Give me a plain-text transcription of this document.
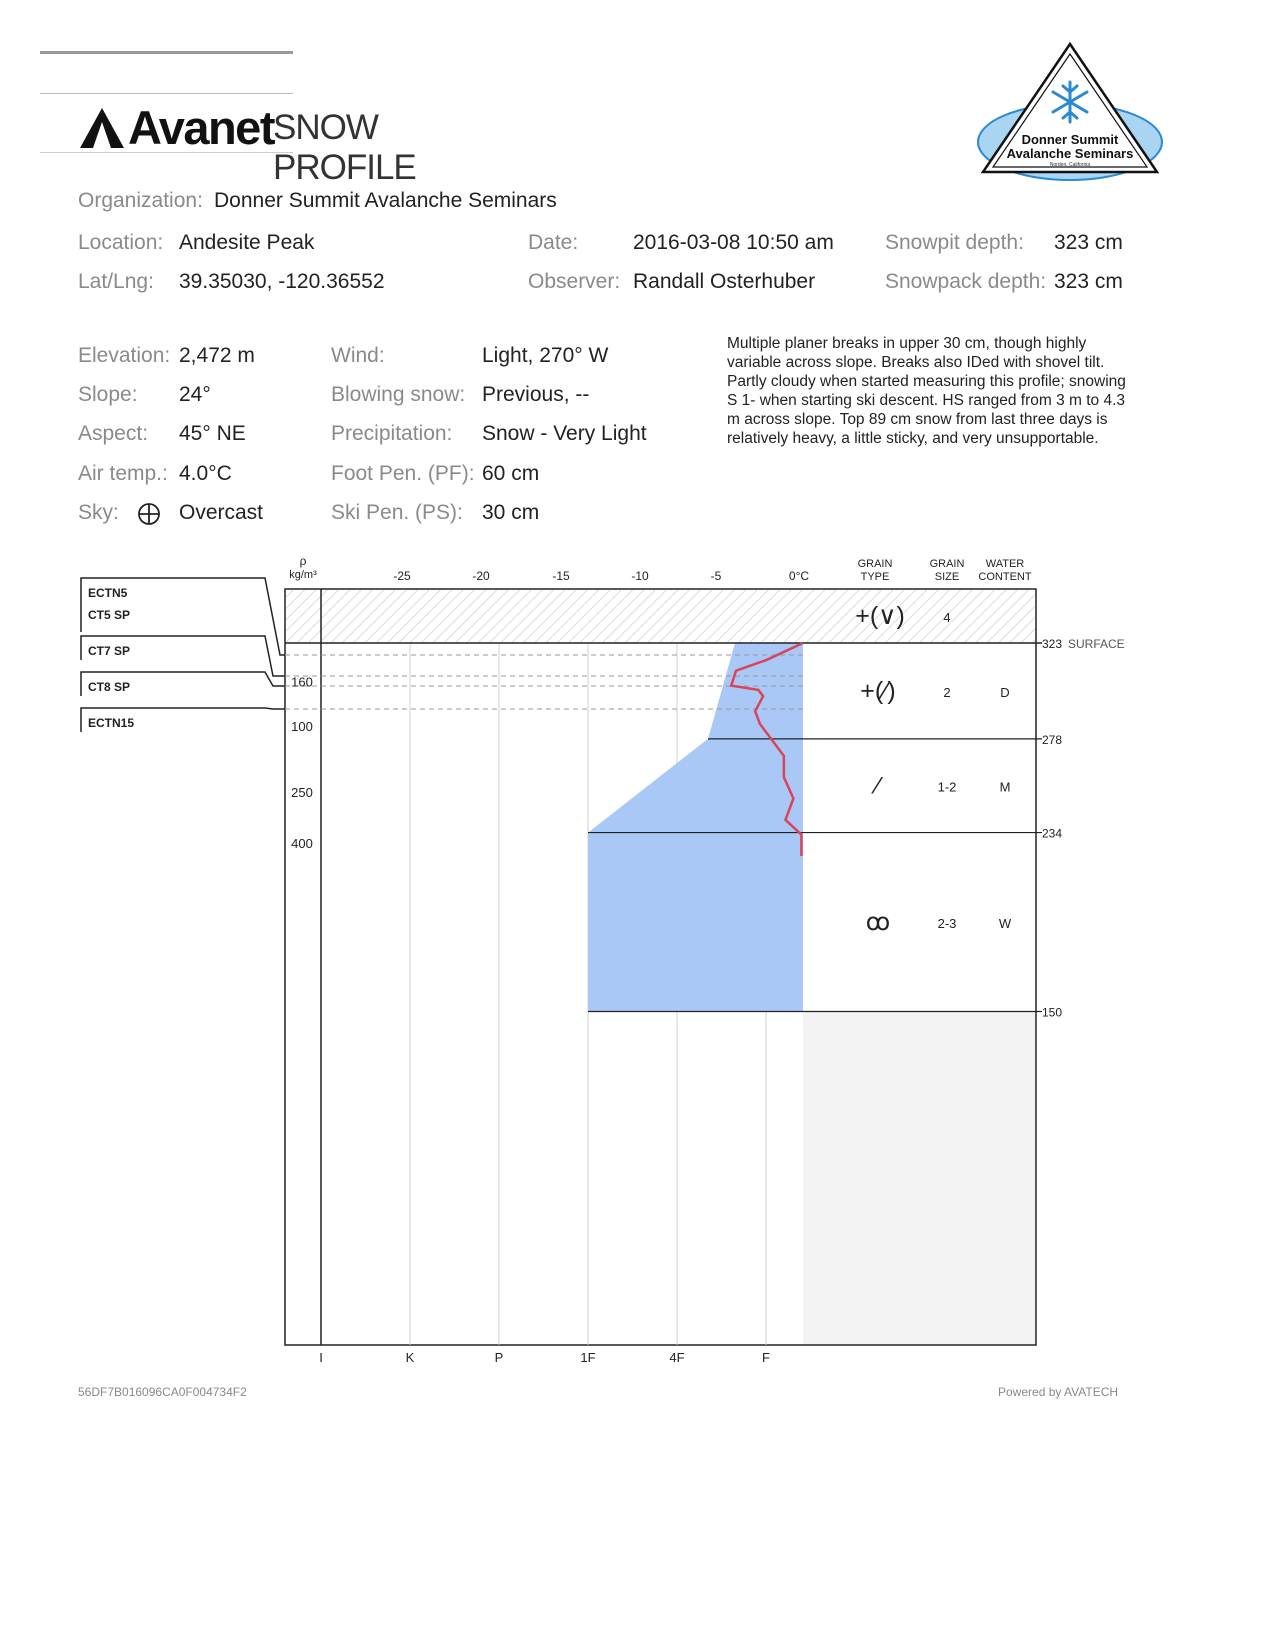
Avanet SNOW PROFILE
Donner Summit
Avalanche Seminars
Norden, California
Organization: Donner Summit Avalanche Seminars
Location: Andesite Peak
Lat/Lng: 39.35030, -120.36552
Date:	2016-03-08 10:50 am
Observer: Randall Osterhuber
Snowpit depth: 323 cm
Snowpack depth: 323 cm
Elevation: 2,472 m
Slope: 24°
Aspect: 45° NE
Air temp.: 4.0°C
Sky:	Overcast
Wind:	Light, 270° W
Blowing snow: Previous, --
Precipitation: Snow - Very Light
Foot Pen. (PF): 60 cm
Ski Pen. (PS): 30 cm
Multiple planer breaks in upper 30 cm, though highly variable across slope. Breaks also IDed with shovel tilt. Partly cloudy when started measuring this profile; snowing S 1- when starting ski descent. HS ranged from 3 m to 4.3 m across slope. Top 89 cm snow from last three days is relatively heavy, a little sticky, and very unsupportable.
ρ
kg/m³	-25	-20	-15	-10	-5	0°C
GRAIN
TYPE
GRAIN
SIZE
WATER
CONTENT
I	K	P	1F	4F	F
160
100
250
400
+(∨)	4
+(⁄)	2	D
278
⁄	1-2	M
234
ꝏ	2-3	W
150
323 SURFACE
ECTN5
CT5 SP
CT7 SP
CT8 SP
ECTN15
56DF7B016096CA0F004734F2	Powered by AVATECH
